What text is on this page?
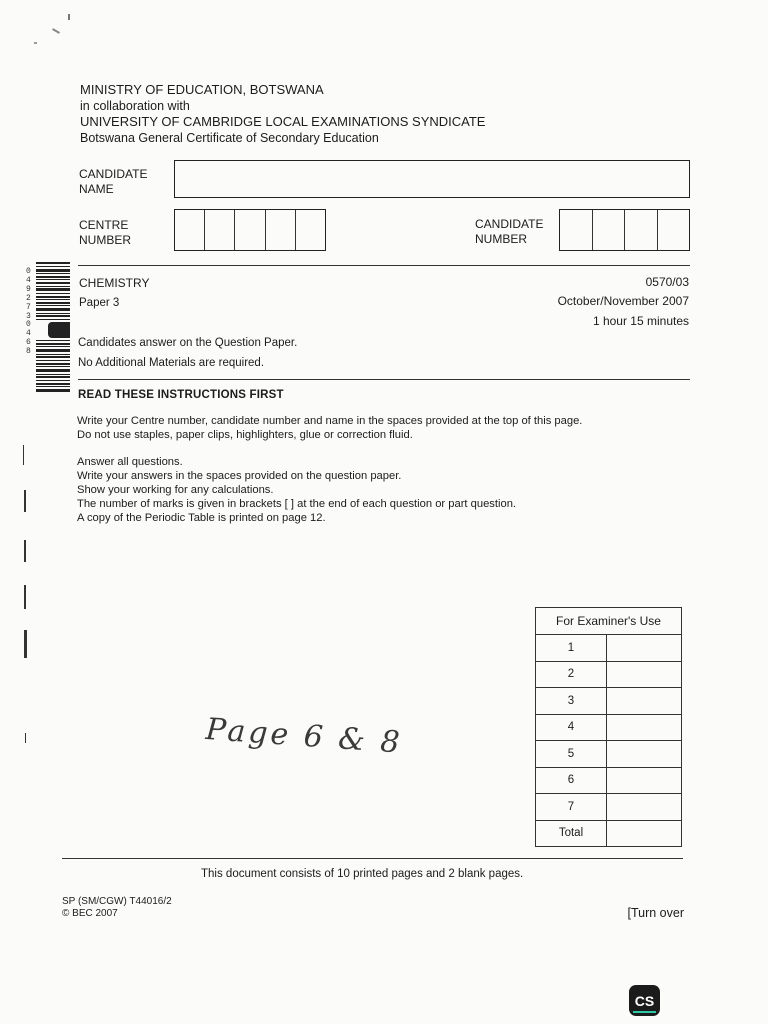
MINISTRY OF EDUCATION, BOTSWANA
in collaboration with
UNIVERSITY OF CAMBRIDGE LOCAL EXAMINATIONS SYNDICATE
Botswana General Certificate of Secondary Education
CANDIDATE
NAME
CENTRE
NUMBER
CANDIDATE
NUMBER
0492730468
CHEMISTRY
Paper 3
0570/03
October/November 2007
1 hour 15 minutes
Candidates answer on the Question Paper.
No Additional Materials are required.
READ THESE INSTRUCTIONS FIRST
Write your Centre number, candidate number and name in the spaces provided at the top of this page.
Do not use staples, paper clips, highlighters, glue or correction fluid.
Answer all questions.
Write your answers in the spaces provided on the question paper.
Show your working for any calculations.
The number of marks is given in brackets [ ] at the end of each question or part question.
A copy of the Periodic Table is printed on page 12.
For Examiner's Use	
1	
2	
3	
4	
5	
6	
7	
Total	
Page 6 & 8
This document consists of 10 printed pages and 2 blank pages.
SP (SM/CGW) T44016/2
© BEC 2007	[Turn over
CS
